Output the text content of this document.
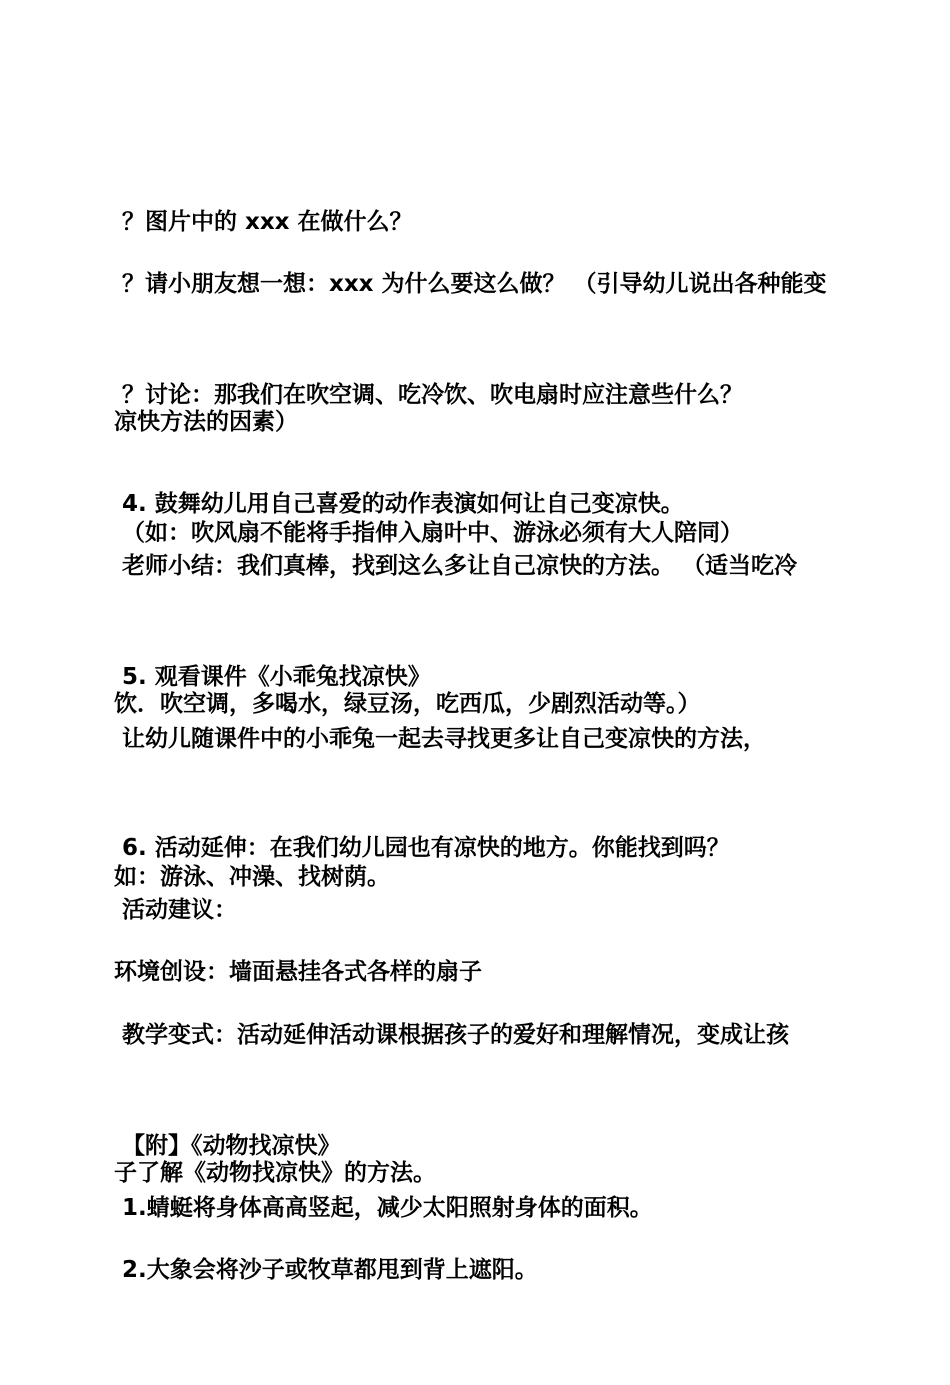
？图片中的 xxx 在做什么？

？请小朋友想一想：xxx 为什么要这么做？ （引导幼儿说出各种能变

凉快方法的因素）

？讨论：那我们在吹空调、吃冷饮、吹电扇时应注意些什么？

（如：吹风扇不能将手指伸入扇叶中、游泳必须有大人陪同）

4. 鼓舞幼儿用自己喜爱的动作表演如何让自己变凉快。

老师小结：我们真棒，找到这么多让自己凉快的方法。 （适当吃冷

饮．吹空调，多喝水，绿豆汤，吃西瓜，少剧烈活动等。）

5. 观看课件《小乖兔找凉快》

让幼儿随课件中的小乖兔一起去寻找更多让自己变凉快的方法，

如：游泳、冲澡、找树荫。

6. 活动延伸：在我们幼儿园也有凉快的地方。你能找到吗？

活动建议：

环境创设：墙面悬挂各式各样的扇子

教学变式：活动延伸活动课根据孩子的爱好和理解情况，变成让孩

子了解《动物找凉快》的方法。

【附】《动物找凉快》

1.蜻蜓将身体高高竖起，减少太阳照射身体的面积。

2.大象会将沙子或牧草都甩到背上遮阳。
